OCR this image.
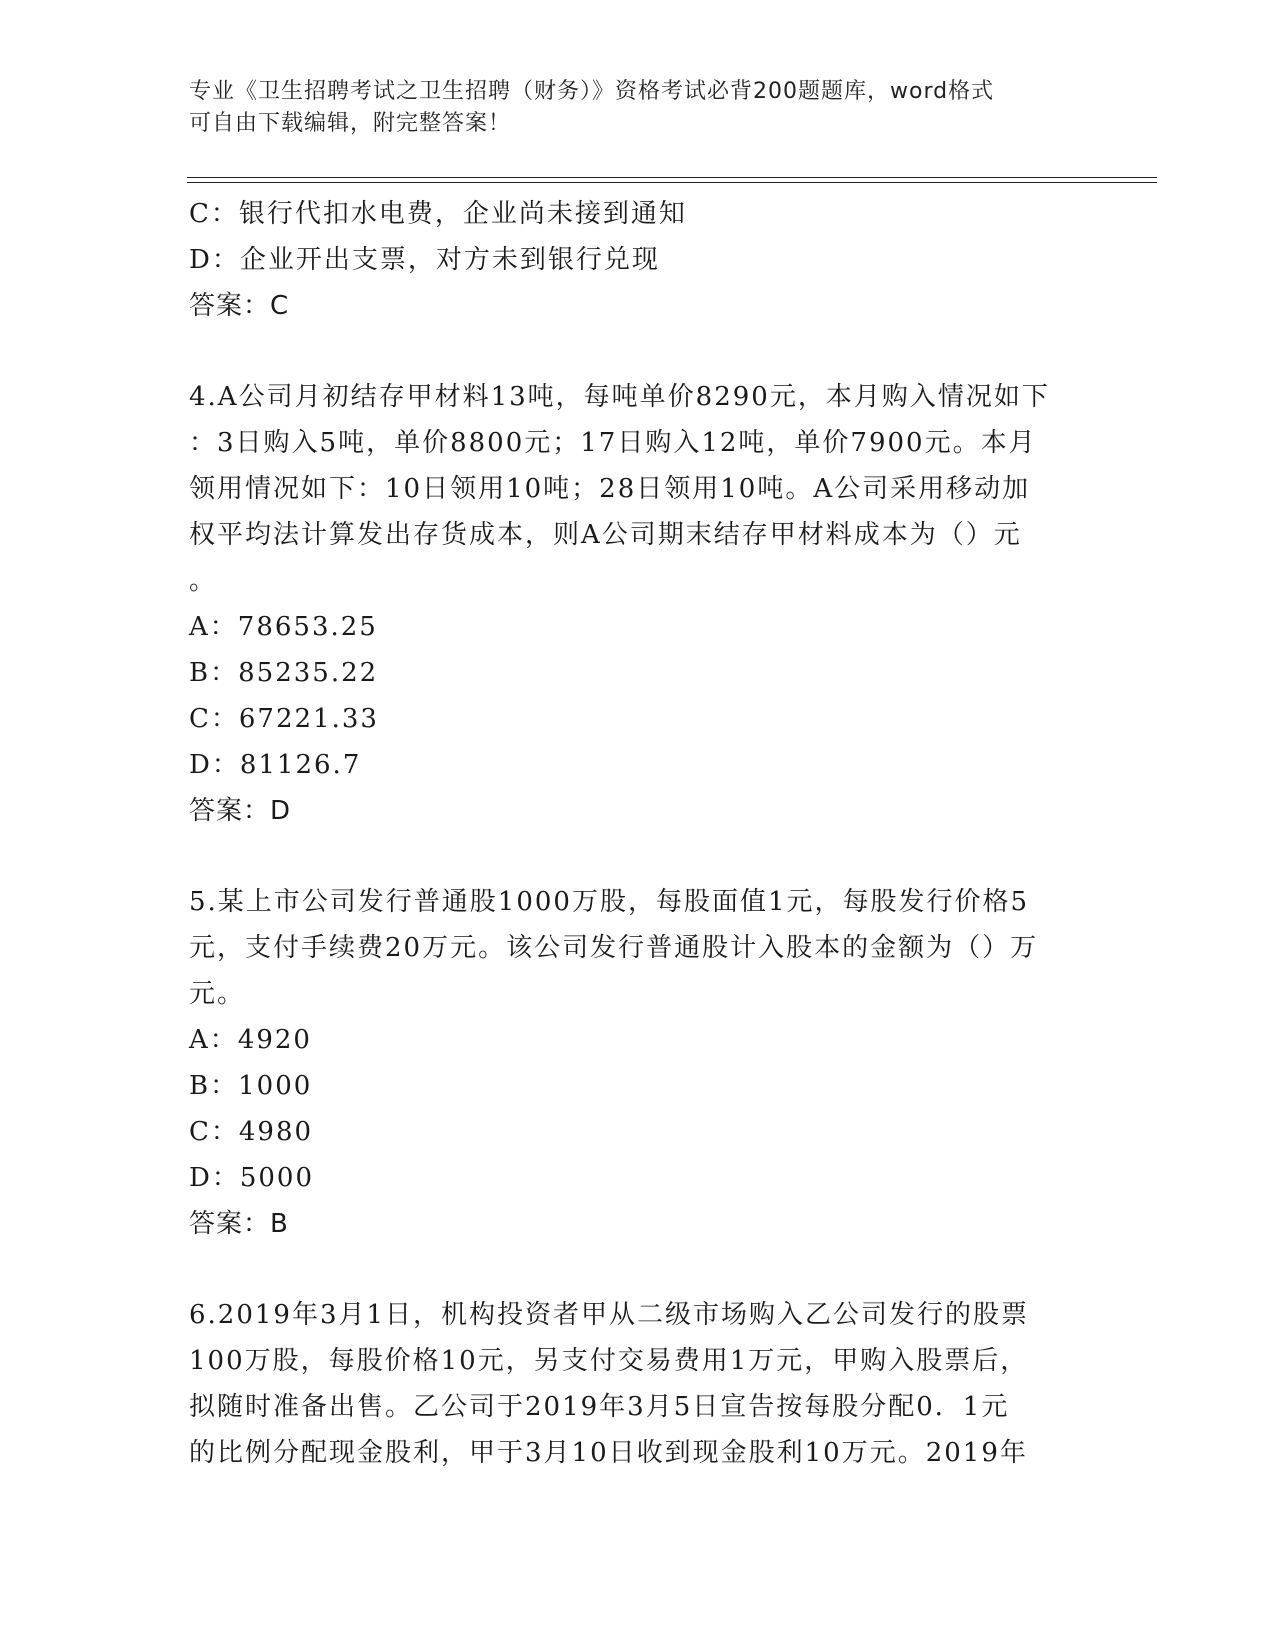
专业《卫生招聘考试之卫生招聘（财务）》资格考试必背200题题库，word格式
可自由下载编辑，附完整答案！
C：银行代扣水电费，企业尚未接到通知
D：企业开出支票，对方未到银行兑现
答案：C
4.A公司月初结存甲材料13吨，每吨单价8290元，本月购入情况如下
：3日购入5吨，单价8800元；17日购入12吨，单价7900元。本月
领用情况如下：10日领用10吨；28日领用10吨。A公司采用移动加
权平均法计算发出存货成本，则A公司期末结存甲材料成本为（）元
。
A：78653.25
B：85235.22
C：67221.33
D：81126.7
答案：D
5.某上市公司发行普通股1000万股，每股面值1元，每股发行价格5
元，支付手续费20万元。该公司发行普通股计入股本的金额为（）万
元。
A：4920
B：1000
C：4980
D：5000
答案：B
6.2019年3月1日，机构投资者甲从二级市场购入乙公司发行的股票
100万股，每股价格10元，另支付交易费用1万元，甲购入股票后，
拟随时准备出售。乙公司于2019年3月5日宣告按每股分配0．1元
的比例分配现金股利，甲于3月10日收到现金股利10万元。2019年
